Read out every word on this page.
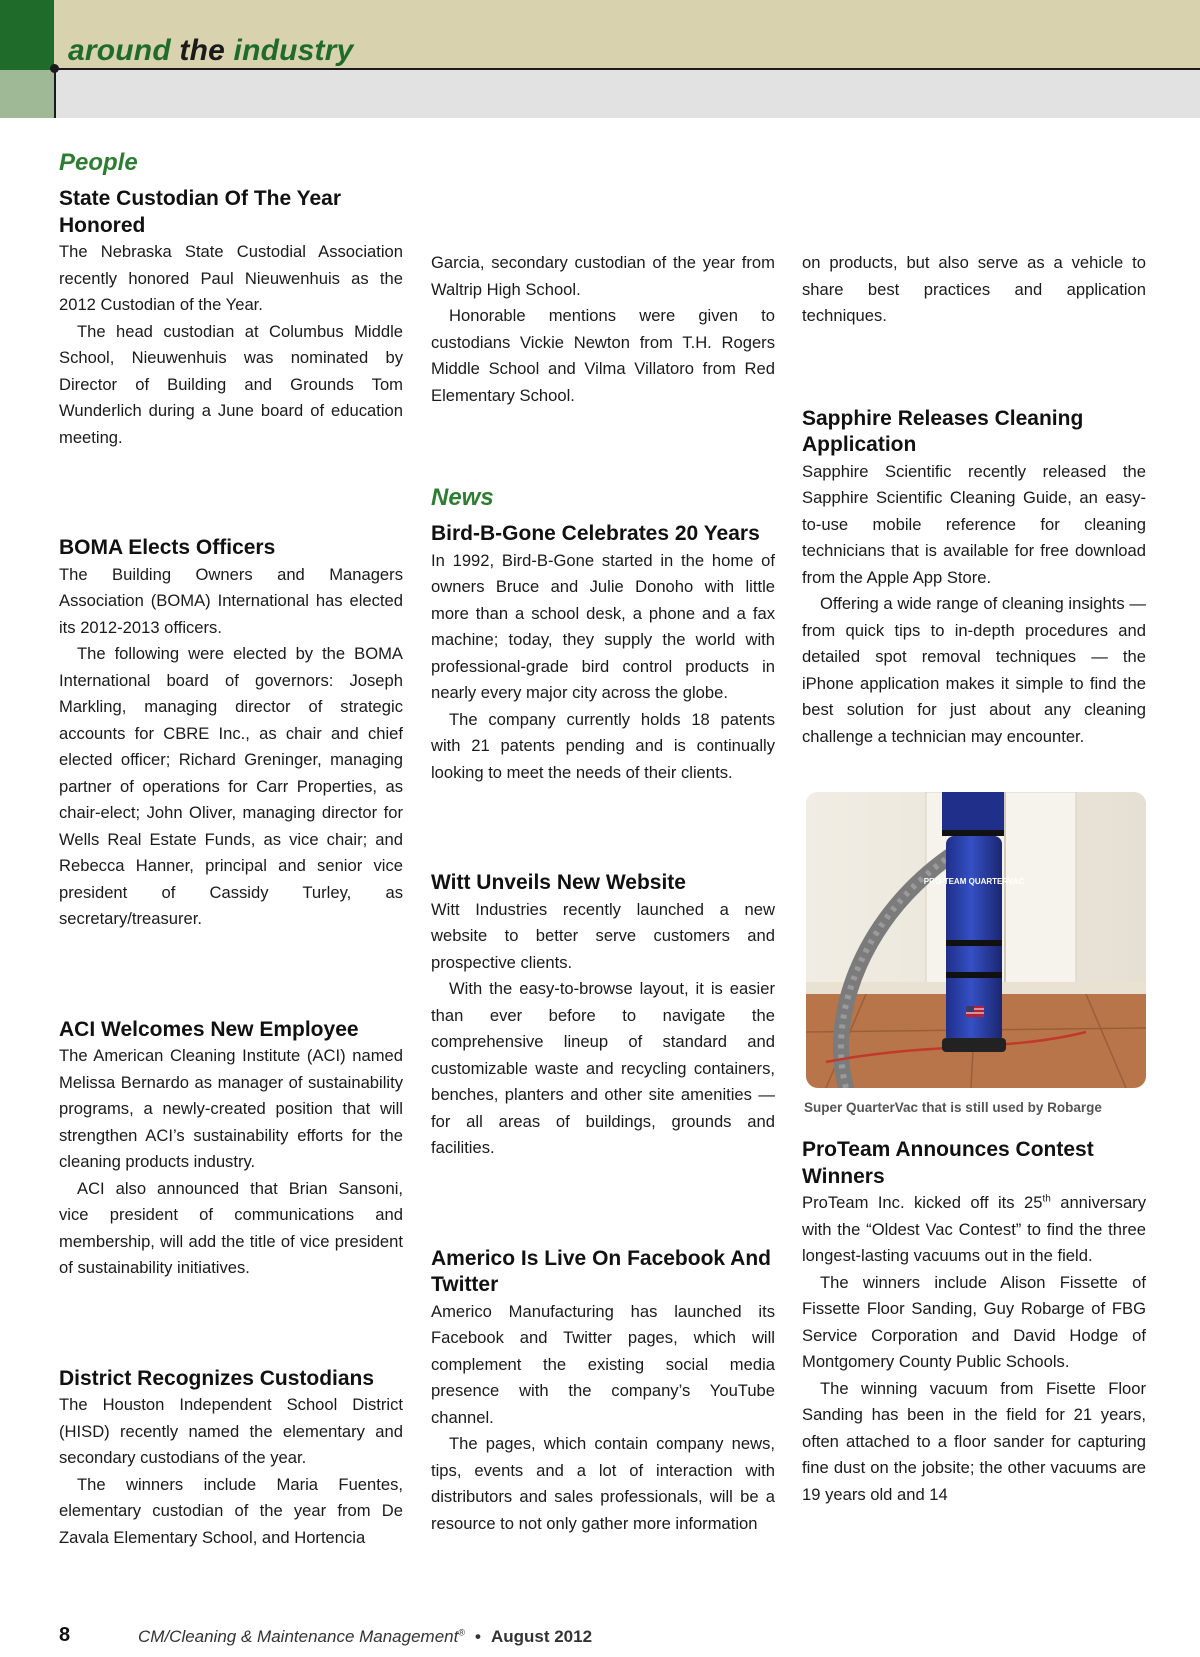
around the industry
People
State Custodian Of The Year Honored

The Nebraska State Custodial Association recently honored Paul Nieuwenhuis as the 2012 Custodian of the Year.

The head custodian at Columbus Middle School, Nieuwenhuis was nominated by Director of Building and Grounds Tom Wunderlich during a June board of education meeting.

BOMA Elects Officers

The Building Owners and Managers Association (BOMA) International has elected its 2012-2013 officers.

The following were elected by the BOMA International board of governors: Joseph Markling, managing director of strategic accounts for CBRE Inc., as chair and chief elected officer; Richard Greninger, managing partner of operations for Carr Properties, as chair-elect; John Oliver, managing director for Wells Real Estate Funds, as vice chair; and Rebecca Hanner, principal and senior vice president of Cassidy Turley, as secretary/treasurer.

ACI Welcomes New Employee

The American Cleaning Institute (ACI) named Melissa Bernardo as manager of sustainability programs, a newly-created position that will strengthen ACI’s sustainability efforts for the cleaning products industry.

ACI also announced that Brian Sansoni, vice president of communications and membership, will add the title of vice president of sustainability initiatives.

District Recognizes Custodians

The Houston Independent School District (HISD) recently named the elementary and secondary custodians of the year.

The winners include Maria Fuentes, elementary custodian of the year from De Zavala Elementary School, and Hortencia

Garcia, secondary custodian of the year from Waltrip High School.

Honorable mentions were given to custodians Vickie Newton from T.H. Rogers Middle School and Vilma Villatoro from Red Elementary School.

News
Bird-B-Gone Celebrates 20 Years

In 1992, Bird-B-Gone started in the home of owners Bruce and Julie Donoho with little more than a school desk, a phone and a fax machine; today, they supply the world with professional-grade bird control products in nearly every major city across the globe.

The company currently holds 18 patents with 21 patents pending and is continually looking to meet the needs of their clients.

Witt Unveils New Website

Witt Industries recently launched a new website to better serve customers and prospective clients.

With the easy-to-browse layout, it is easier than ever before to navigate the comprehensive lineup of standard and customizable waste and recycling containers, benches, planters and other site amenities — for all areas of buildings, grounds and facilities.

Americo Is Live On Facebook And Twitter

Americo Manufacturing has launched its Facebook and Twitter pages, which will complement the existing social media presence with the company’s YouTube channel.

The pages, which contain company news, tips, events and a lot of interaction with distributors and sales professionals, will be a resource to not only gather more information

on products, but also serve as a vehicle to share best practices and application techniques.

Sapphire Releases Cleaning Application

Sapphire Scientific recently released the Sapphire Scientific Cleaning Guide, an easy-to-use mobile reference for cleaning technicians that is available for free download from the Apple App Store.

Offering a wide range of cleaning insights — from quick tips to in-depth procedures and detailed spot removal techniques — the iPhone application makes it simple to find the best solution for just about any cleaning challenge a technician may encounter.

PRO-TEAM QUARTERVAC
Super QuarterVac that is still used by Robarge
ProTeam Announces Contest Winners

ProTeam Inc. kicked off its 25th anniversary with the “Oldest Vac Contest” to find the three longest-lasting vacuums out in the field.

The winners include Alison Fissette of Fissette Floor Sanding, Guy Robarge of FBG Service Corporation and David Hodge of Montgomery County Public Schools.

The winning vacuum from Fisette Floor Sanding has been in the field for 21 years, often attached to a floor sander for capturing fine dust on the jobsite; the other vacuums are 19 years old and 14

8	CM/Cleaning & Maintenance Management® • August 2012
